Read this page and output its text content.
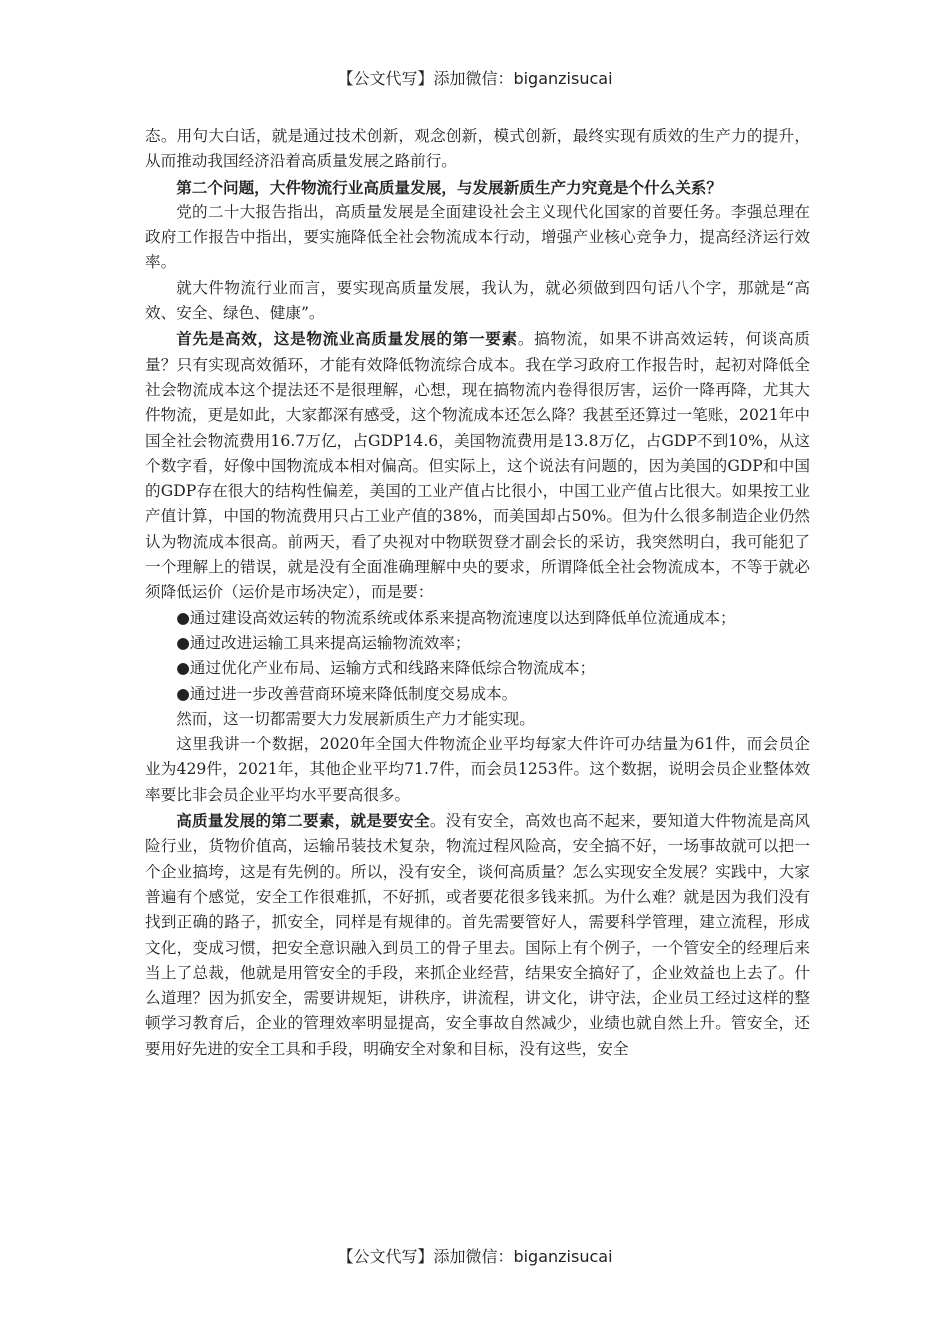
【公文代写】添加微信：biganzisucai

态。用句大白话，就是通过技术创新，观念创新，模式创新，最终实现有质效的生产力的提升，从而推动我国经济沿着高质量发展之路前行。

第二个问题，大件物流行业高质量发展，与发展新质生产力究竟是个什么关系？

党的二十大报告指出，高质量发展是全面建设社会主义现代化国家的首要任务。李强总理在政府工作报告中指出，要实施降低全社会物流成本行动，增强产业核心竞争力，提高经济运行效率。

就大件物流行业而言，要实现高质量发展，我认为，就必须做到四句话八个字，那就是“高效、安全、绿色、健康”。

首先是高效，这是物流业高质量发展的第一要素。搞物流，如果不讲高效运转，何谈高质量？只有实现高效循环，才能有效降低物流综合成本。我在学习政府工作报告时，起初对降低全社会物流成本这个提法还不是很理解，心想，现在搞物流内卷得很厉害，运价一降再降，尤其大件物流，更是如此，大家都深有感受，这个物流成本还怎么降？我甚至还算过一笔账，2021年中国全社会物流费用16.7万亿，占GDP14.6，美国物流费用是13.8万亿，占GDP不到10%，从这个数字看，好像中国物流成本相对偏高。但实际上，这个说法有问题的，因为美国的GDP和中国的GDP存在很大的结构性偏差，美国的工业产值占比很小，中国工业产值占比很大。如果按工业产值计算，中国的物流费用只占工业产值的38%，而美国却占50%。但为什么很多制造企业仍然认为物流成本很高。前两天，看了央视对中物联贺登才副会长的采访，我突然明白，我可能犯了一个理解上的错误，就是没有全面准确理解中央的要求，所谓降低全社会物流成本，不等于就必须降低运价（运价是市场决定），而是要：

●通过建设高效运转的物流系统或体系来提高物流速度以达到降低单位流通成本；

●通过改进运输工具来提高运输物流效率；

●通过优化产业布局、运输方式和线路来降低综合物流成本；

●通过进一步改善营商环境来降低制度交易成本。

然而，这一切都需要大力发展新质生产力才能实现。

这里我讲一个数据，2020年全国大件物流企业平均每家大件许可办结量为61件，而会员企业为429件，2021年，其他企业平均71.7件，而会员1253件。这个数据，说明会员企业整体效率要比非会员企业平均水平要高很多。

高质量发展的第二要素，就是要安全。没有安全，高效也高不起来，要知道大件物流是高风险行业，货物价值高，运输吊装技术复杂，物流过程风险高，安全搞不好，一场事故就可以把一个企业搞垮，这是有先例的。所以，没有安全，谈何高质量？怎么实现安全发展？实践中，大家普遍有个感觉，安全工作很难抓，不好抓，或者要花很多钱来抓。为什么难？就是因为我们没有找到正确的路子，抓安全，同样是有规律的。首先需要管好人，需要科学管理，建立流程，形成文化，变成习惯，把安全意识融入到员工的骨子里去。国际上有个例子，一个管安全的经理后来当上了总裁，他就是用管安全的手段，来抓企业经营，结果安全搞好了，企业效益也上去了。什么道理？因为抓安全，需要讲规矩，讲秩序，讲流程，讲文化，讲守法，企业员工经过这样的整顿学习教育后，企业的管理效率明显提高，安全事故自然减少，业绩也就自然上升。管安全，还要用好先进的安全工具和手段，明确安全对象和目标，没有这些，安全

【公文代写】添加微信：biganzisucai
